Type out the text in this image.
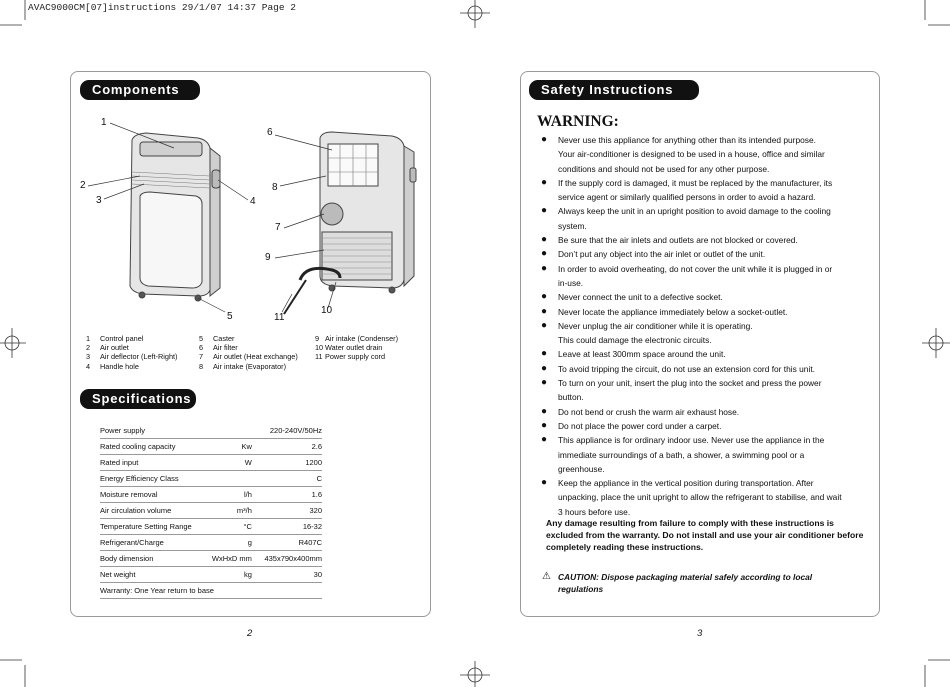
AVAC9000CM[07]instructions 29/1/07 14:37 Page 2
Components
1
2
3	4
5
6
7
8
9
10
11
1 Control panel
2 Air outlet
3 Air deflector (Left-Right)
4 Handle hole
5 Caster
6 Air filter
7 Air outlet (Heat exchange)
8 Air intake (Evaporator)
9 Air intake (Condenser)
10 Water outlet drain
11 Power supply cord
Specifications
Power supply		220-240V/50Hz
Rated cooling capacity	Kw	2.6
Rated input	W	1200
Energy Efficiency Class		C
Moisture removal	l/h	1.6
Air circulation volume	m³/h	320
Temperature Setting Range	°C	16-32
Refrigerant/Charge	g	R407C
Body dimension	WxHxD mm	435x790x400mm
Net weight	kg	30
Warranty: One Year return to base		
2
Safety Instructions
WARNING:
● Never use this appliance for anything other than its intended purpose.
Your air-conditioner is designed to be used in a house, office and similar
conditions and should not be used for any other purpose.
● If the supply cord is damaged, it must be replaced by the manufacturer, its
service agent or similarly qualified persons in order to avoid a hazard.
● Always keep the unit in an upright position to avoid damage to the cooling
system.
● Be sure that the air inlets and outlets are not blocked or covered.
● Don’t put any object into the air inlet or outlet of the unit.
● In order to avoid overheating, do not cover the unit while it is plugged in or
in-use.
● Never connect the unit to a defective socket.
● Never locate the appliance immediately below a socket-outlet.
● Never unplug the air conditioner while it is operating.
This could damage the electronic circuits.
● Leave at least 300mm space around the unit.
● To avoid tripping the circuit, do not use an extension cord for this unit.
● To turn on your unit, insert the plug into the socket and press the power
button.
● Do not bend or crush the warm air exhaust hose.
● Do not place the power cord under a carpet.
● This appliance is for ordinary indoor use. Never use the appliance in the
immediate surroundings of a bath, a shower, a swimming pool or a
greenhouse.
● Keep the appliance in the vertical position during transportation. After
unpacking, place the unit upright to allow the refrigerant to stabilise, and wait
3 hours before use.
Any damage resulting from failure to comply with these instructions is excluded from the warranty. Do not install and use your air conditioner before completely reading these instructions.
⚠ CAUTION: Dispose packaging material safely according to local regulations
3
